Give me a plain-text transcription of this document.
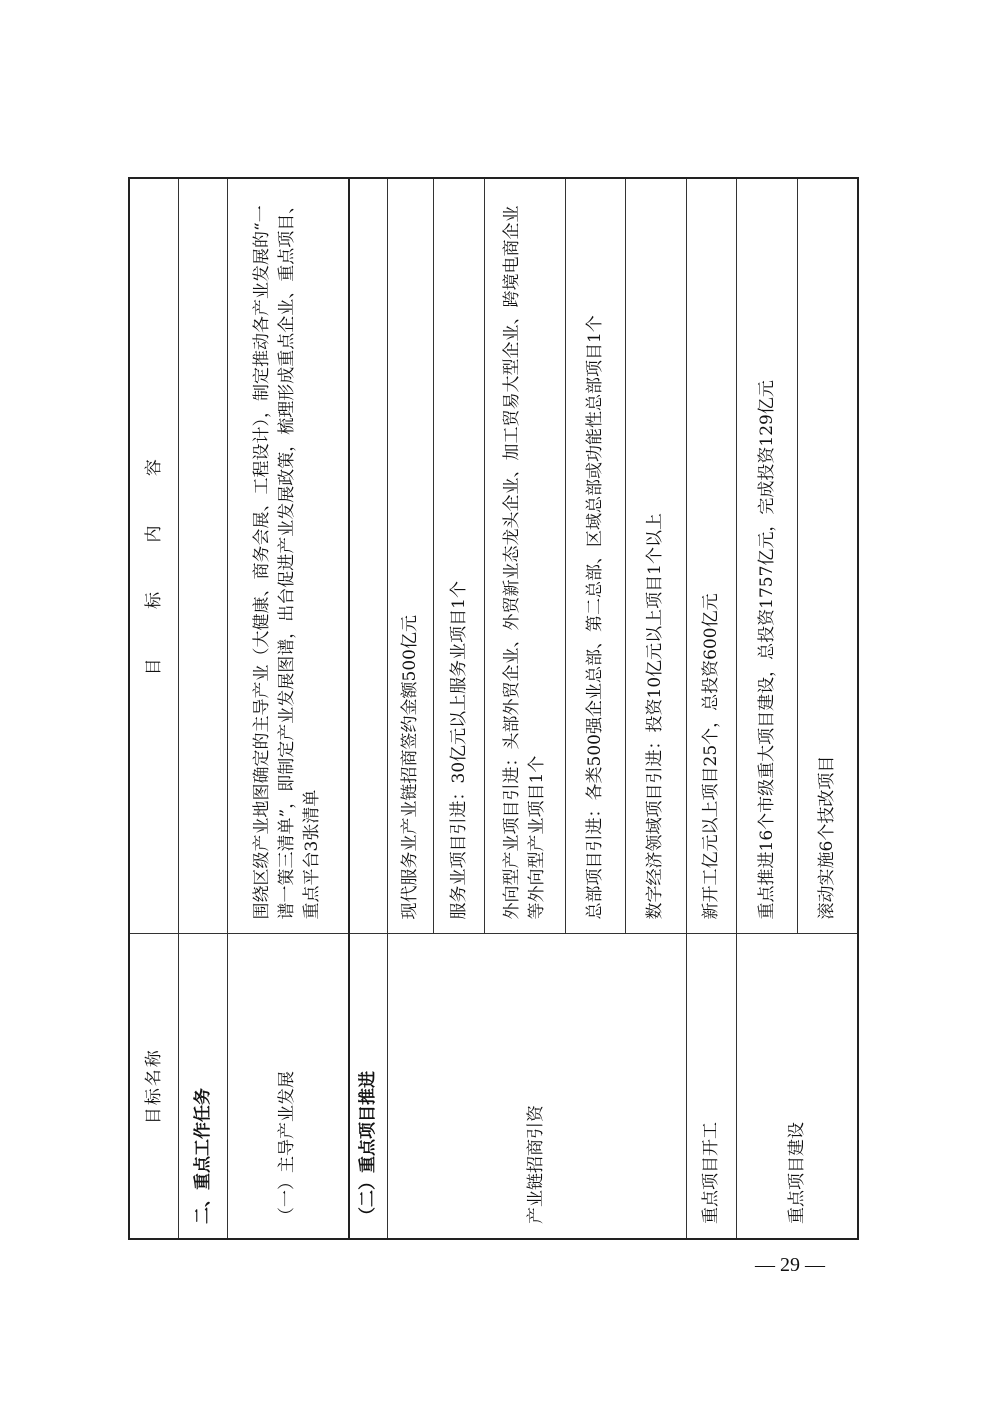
目标名称	目 标 内 容
二、重点工作任务	
（一）主导产业发展	围绕区级产业地图确定的主导产业（大健康、商务会展、工程设计），制定推动各产业发展的“一谱一策三清单”，即制定产业发展图谱，出台促进产业发展政策，梳理形成重点企业、重点项目、重点平台3张清单
（二）重点项目推进	
产业链招商引资	现代服务业产业链招商签约金额500亿元
	服务业项目引进：30亿元以上服务业项目1个
	外向型产业项目引进：头部外贸企业、外贸新业态龙头企业、加工贸易大型企业、跨境电商企业等外向型产业项目1个
	总部项目引进：各类500强企业总部、第二总部、区域总部或功能性总部项目1个
	数字经济领域项目引进：投资10亿元以上项目1个以上
重点项目开工	新开工亿元以上项目25个，总投资600亿元
重点项目建设	重点推进16个市级重大项目建设，总投资1757亿元，完成投资129亿元
	滚动实施6个技改项目
— 29 —
